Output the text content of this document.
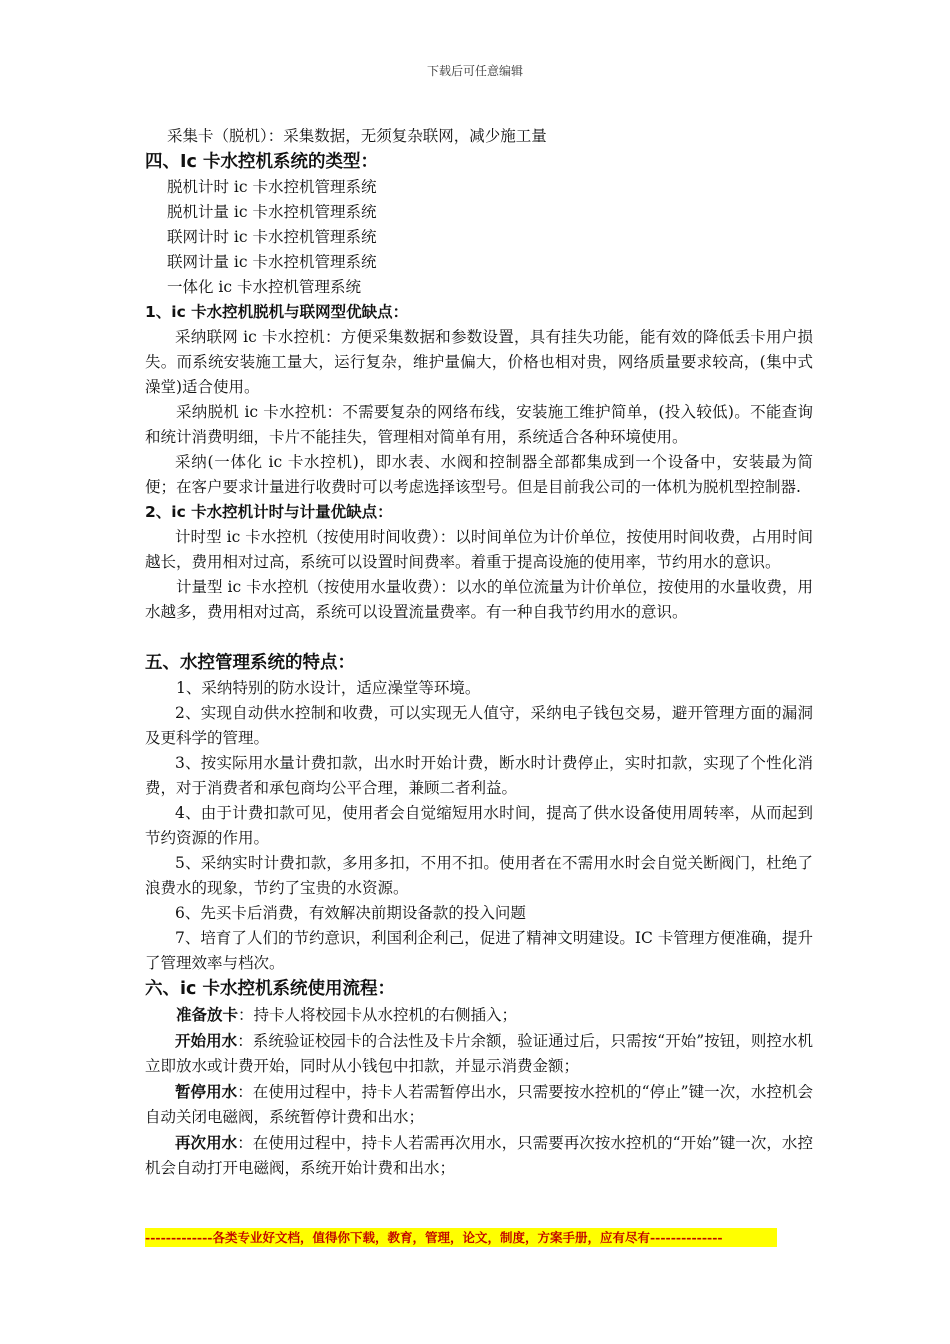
下载后可任意编辑

采集卡（脱机）：采集数据，无须复杂联网，减少施工量

四、Ic 卡水控机系统的类型：

脱机计时 ic 卡水控机管理系统

脱机计量 ic 卡水控机管理系统

联网计时 ic 卡水控机管理系统

联网计量 ic 卡水控机管理系统

一体化 ic 卡水控机管理系统

1、ic 卡水控机脱机与联网型优缺点：

采纳联网 ic 卡水控机：方便采集数据和参数设置，具有挂失功能，能有效的降低丢卡用户损失。而系统安装施工量大，运行复杂，维护量偏大，价格也相对贵，网络质量要求较高，(集中式澡堂)适合使用。

采纳脱机 ic 卡水控机：不需要复杂的网络布线，安装施工维护简单，(投入较低)。不能查询和统计消费明细，卡片不能挂失，管理相对简单有用，系统适合各种环境使用。

采纳(一体化 ic 卡水控机)，即水表、水阀和控制器全部都集成到一个设备中，安装最为简便；在客户要求计量进行收费时可以考虑选择该型号。但是目前我公司的一体机为脱机型控制器.

2、ic 卡水控机计时与计量优缺点：

计时型 ic 卡水控机（按使用时间收费）：以时间单位为计价单位，按使用时间收费，占用时间越长，费用相对过高，系统可以设置时间费率。着重于提高设施的使用率，节约用水的意识。

计量型 ic 卡水控机（按使用水量收费）：以水的单位流量为计价单位，按使用的水量收费，用水越多，费用相对过高，系统可以设置流量费率。有一种自我节约用水的意识。

五、水控管理系统的特点：

1、采纳特别的防水设计，适应澡堂等环境。

2、实现自动供水控制和收费，可以实现无人值守，采纳电子钱包交易，避开管理方面的漏洞及更科学的管理。

3、按实际用水量计费扣款，出水时开始计费，断水时计费停止，实时扣款，实现了个性化消费，对于消费者和承包商均公平合理，兼顾二者利益。

4、由于计费扣款可见，使用者会自觉缩短用水时间，提高了供水设备使用周转率，从而起到节约资源的作用。

5、采纳实时计费扣款，多用多扣，不用不扣。使用者在不需用水时会自觉关断阀门，杜绝了浪费水的现象，节约了宝贵的水资源。

6、先买卡后消费，有效解决前期设备款的投入问题

7、培育了人们的节约意识，利国利企利己，促进了精神文明建设。IC 卡管理方便准确，提升了管理效率与档次。

六、ic 卡水控机系统使用流程：

准备放卡：持卡人将校园卡从水控机的右侧插入；

开始用水：系统验证校园卡的合法性及卡片余额，验证通过后，只需按“开始”按钮，则控水机立即放水或计费开始，同时从小钱包中扣款，并显示消费金额；

暂停用水：在使用过程中，持卡人若需暂停出水，只需要按水控机的“停止”键一次，水控机会自动关闭电磁阀，系统暂停计费和出水；

再次用水：在使用过程中，持卡人若需再次用水，只需要再次按水控机的“开始”键一次，水控机会自动打开电磁阀，系统开始计费和出水；

-------------各类专业好文档，值得你下载，教育，管理，论文，制度，方案手册，应有尽有--------------
